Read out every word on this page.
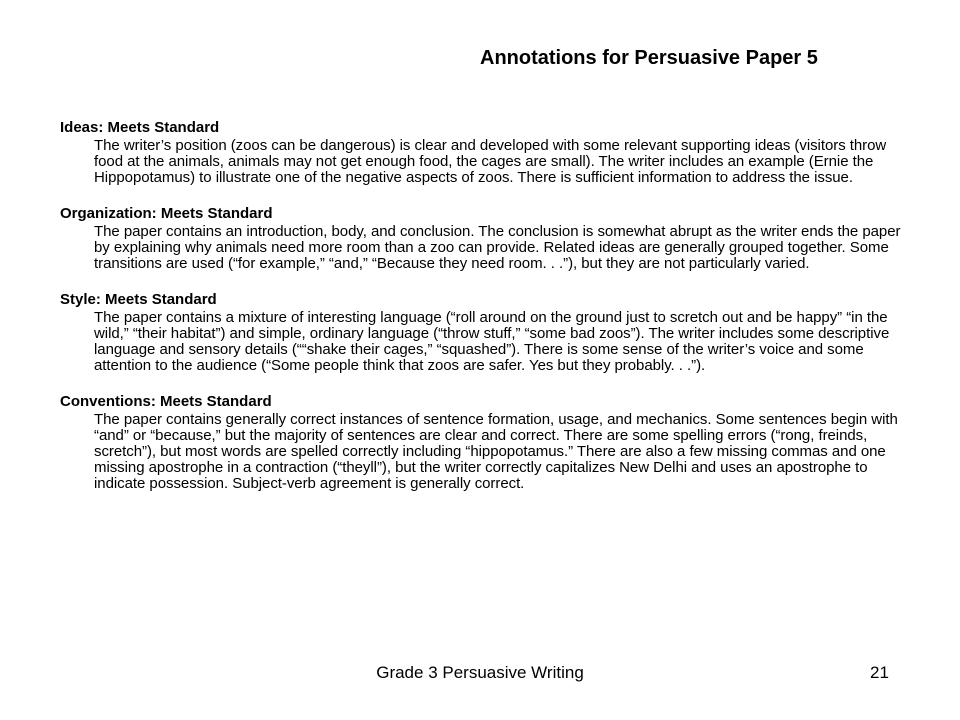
Annotations for Persuasive Paper 5
Ideas: Meets Standard
The writer’s position (zoos can be dangerous) is clear and developed with some relevant supporting ideas (visitors throw food at the animals, animals may not get enough food, the cages are small). The writer includes an example (Ernie the Hippopotamus) to illustrate one of the negative aspects of zoos. There is sufficient information to address the issue.
Organization: Meets Standard
The paper contains an introduction, body, and conclusion. The conclusion is somewhat abrupt as the writer ends the paper by explaining why animals need more room than a zoo can provide. Related ideas are generally grouped together. Some transitions are used (“for example,” “and,” “Because they need room. . .”), but they are not particularly varied.
Style: Meets Standard
The paper contains a mixture of interesting language (“roll around on the ground just to scretch out and be happy” “in the wild,” “their habitat”) and simple, ordinary language (“throw stuff,” “some bad zoos”). The writer includes some descriptive language and sensory details (““shake their cages,” “squashed”). There is some sense of the writer’s voice and some attention to the audience (“Some people think that zoos are safer. Yes but they probably. . .”).
Conventions: Meets Standard
The paper contains generally correct instances of sentence formation, usage, and mechanics. Some sentences begin with “and” or “because,” but the majority of sentences are clear and correct. There are some spelling errors (“rong, freinds, scretch”), but most words are spelled correctly including “hippopotamus.” There are also a few missing commas and one missing apostrophe in a contraction (“theyll”), but the writer correctly capitalizes New Delhi and uses an apostrophe to indicate possession. Subject-verb agreement is generally correct.
Grade 3 Persuasive Writing	21
